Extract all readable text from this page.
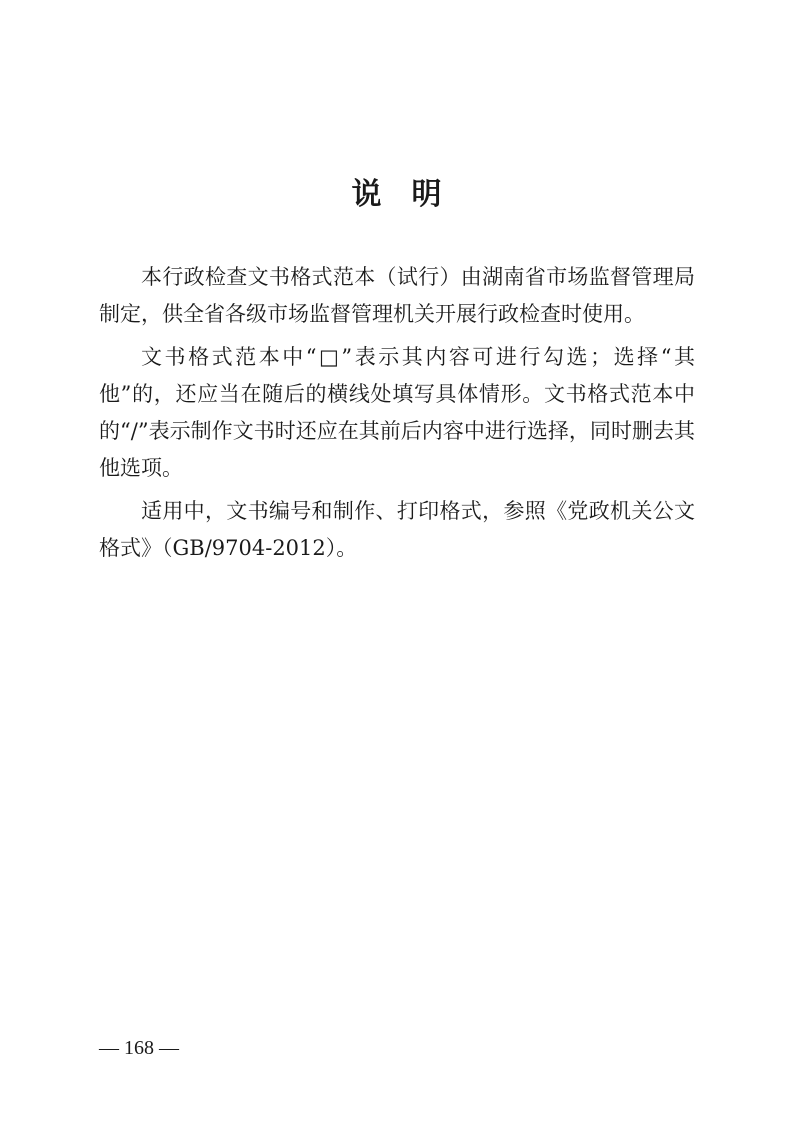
说明

本行政检查文书格式范本（试行）由湖南省市场监督管理局制定，供全省各级市场监督管理机关开展行政检查时使用。

文书格式范本中“□”表示其内容可进行勾选；选择“其他”的，还应当在随后的横线处填写具体情形。文书格式范本中的“/”表示制作文书时还应在其前后内容中进行选择，同时删去其他选项。

适用中，文书编号和制作、打印格式，参照《党政机关公文格式》（GB/9704-2012）。

— 168 —
